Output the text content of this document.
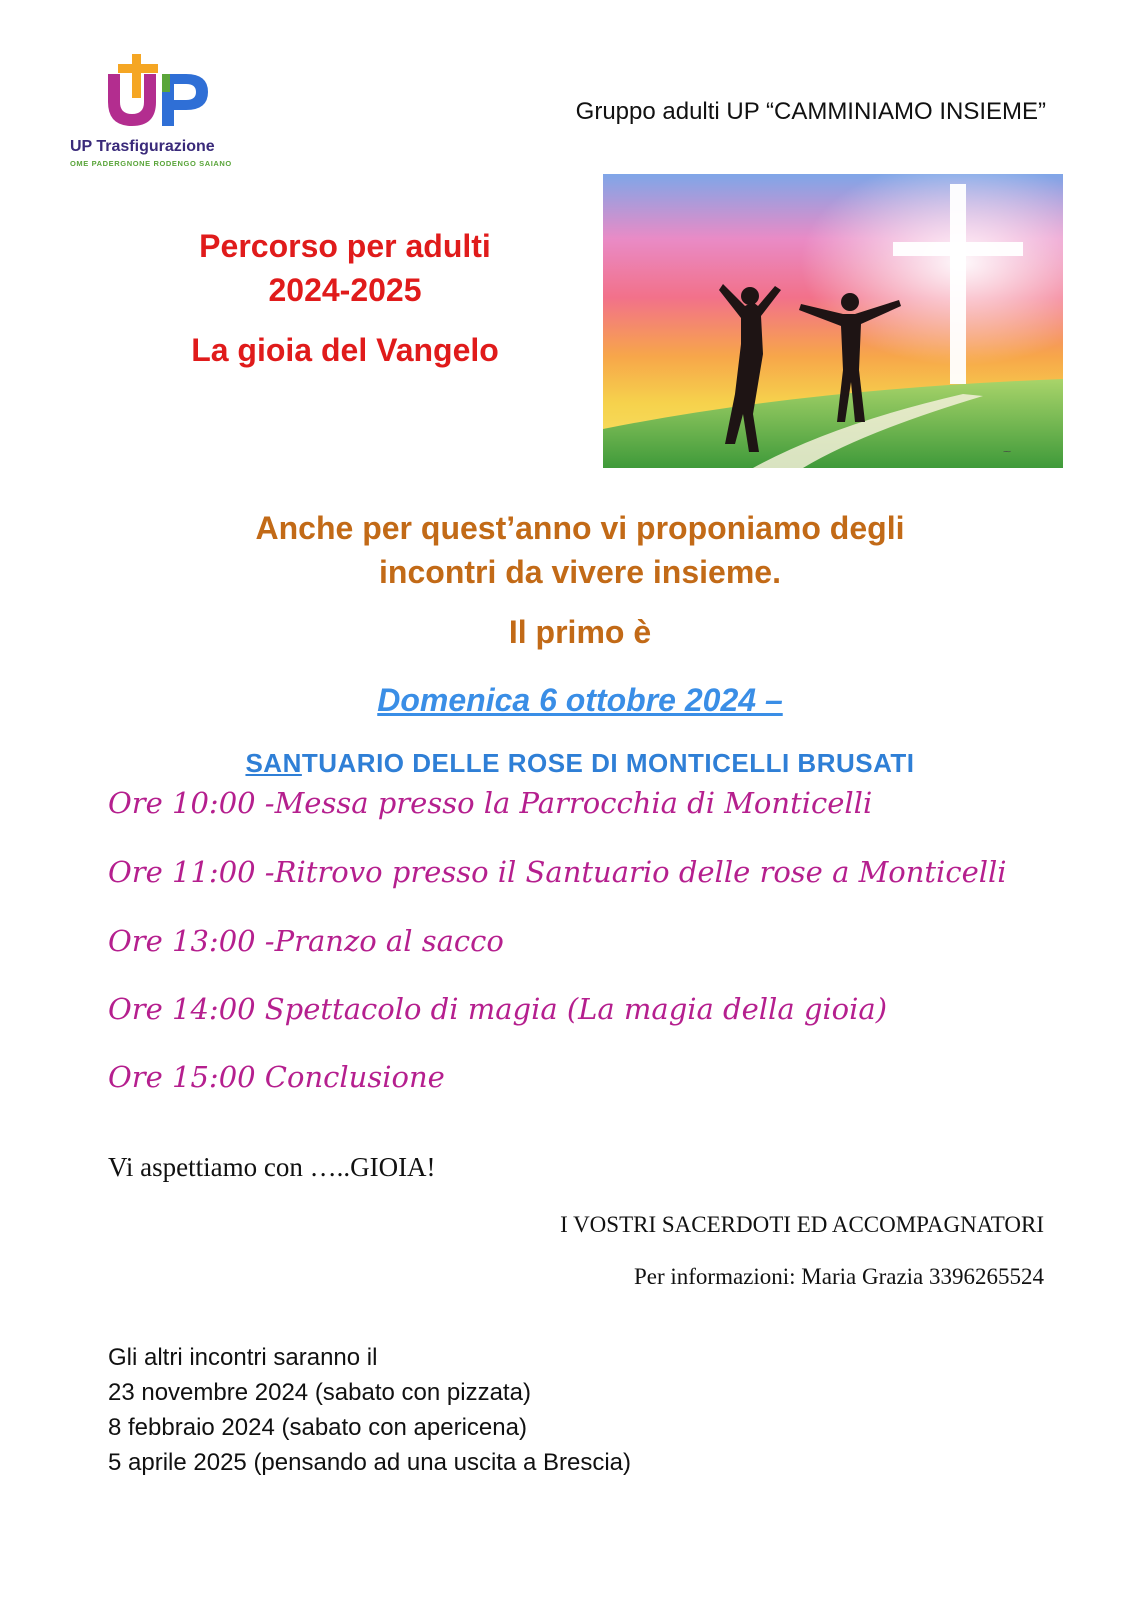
UP Trasfigurazione
OME PADERGNONE RODENGO SAIANO
Gruppo adulti UP “CAMMINIAMO INSIEME”
Percorso per adulti
2024-2025
La gioia del Vangelo
⁓
Anche per quest’anno vi proponiamo degli
incontri da vivere insieme.
Il primo è
Domenica 6 ottobre 2024 –
SANTUARIO DELLE ROSE DI MONTICELLI BRUSATI
Ore 10:00 -Messa presso la Parrocchia di Monticelli
Ore 11:00 -Ritrovo presso il Santuario delle rose a Monticelli
Ore 13:00 -Pranzo al sacco
Ore 14:00 Spettacolo di magia (La magia della gioia)
Ore 15:00 Conclusione
Vi aspettiamo con …..GIOIA!
I VOSTRI SACERDOTI ED ACCOMPAGNATORI
Per informazioni: Maria Grazia 3396265524
Gli altri incontri saranno il
23 novembre 2024 (sabato con pizzata)
8 febbraio 2024 (sabato con apericena)
5 aprile 2025 (pensando ad una uscita a Brescia)
